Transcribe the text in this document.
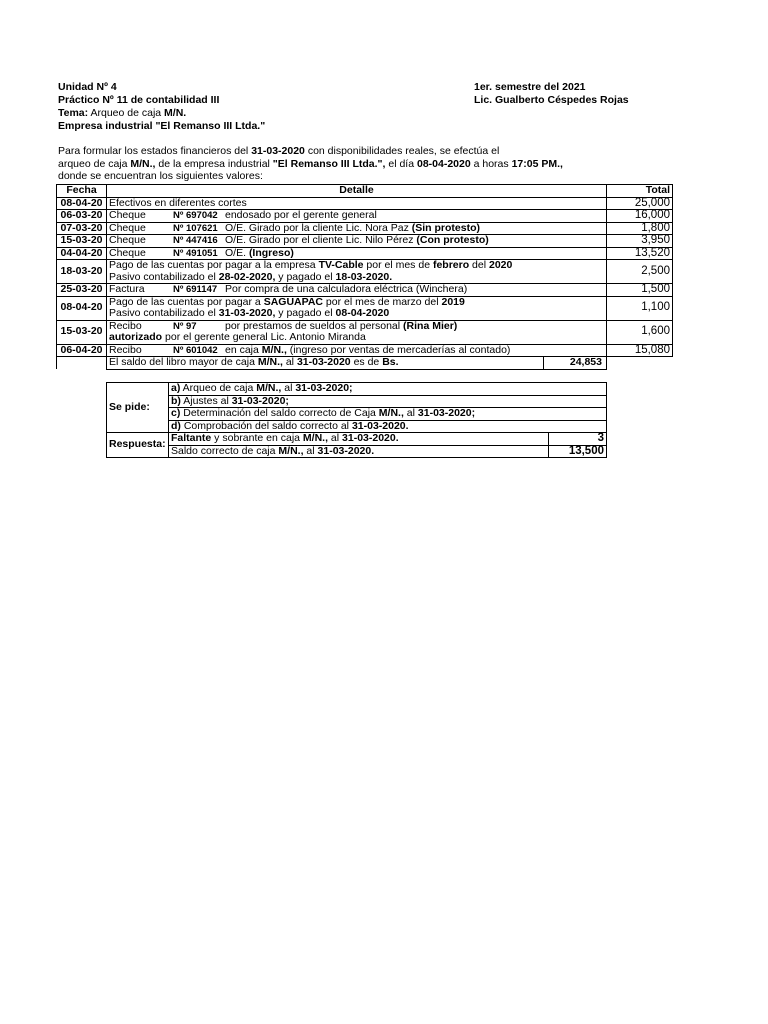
Unidad Nº 4
Práctico Nº 11 de contabilidad III
Tema: Arqueo de caja M/N.
Empresa industrial "El Remanso III Ltda."
1er. semestre del 2021
Lic. Gualberto Céspedes Rojas
Para formular los estados financieros del 31-03-2020 con disponibilidades reales, se efectúa el
arqueo de caja M/N., de la empresa industrial "El Remanso III Ltda.", el día 08-04-2020 a horas 17:05 PM.,
donde se encuentran los siguientes valores:
Fecha	Detalle	Total
08-04-20	Efectivos en diferentes cortes	25,000
06-03-20	Cheque Nº 697042 endosado por el gerente general	16,000
07-03-20	Cheque Nº 107621 O/E. Girado por la cliente Lic. Nora Paz (Sin protesto)	1,800
15-03-20	Cheque Nº 447416 O/E. Girado por el cliente Lic. Nilo Pérez (Con protesto)	3,950
04-04-20	Cheque Nº 491051 O/E. (Ingreso)	13,520
18-03-20	Pago de las cuentas por pagar a la empresa TV-Cable por el mes de febrero del 2020
Pasivo contabilizado el 28-02-2020, y pagado el 18-03-2020.	2,500
25-03-20	Factura Nº 691147 Por compra de una calculadora eléctrica (Winchera)	1,500
08-04-20	Pago de las cuentas por pagar a SAGUAPAC por el mes de marzo del 2019
Pasivo contabilizado el 31-03-2020, y pagado el 08-04-2020	1,100
15-03-20	Recibo Nº 97 por prestamos de sueldos al personal (Rina Mier)
autorizado por el gerente general Lic. Antonio Miranda	1,600
06-04-20	Recibo Nº 601042 en caja M/N., (ingreso por ventas de mercaderías al contado)	15,080
	El saldo del libro mayor de caja M/N., al 31-03-2020 es de Bs. 24,853	

Se pide:	a) Arqueo de caja M/N., al 31-03-2020;	
	b) Ajustes al 31-03-2020;	
	c) Determinación del saldo correcto de Caja M/N., al 31-03-2020;	
	d) Comprobación del saldo correcto al 31-03-2020.	
Respuesta:	Faltante y sobrante en caja M/N., al 31-03-2020.	3
	Saldo correcto de caja M/N., al 31-03-2020.	13,500
